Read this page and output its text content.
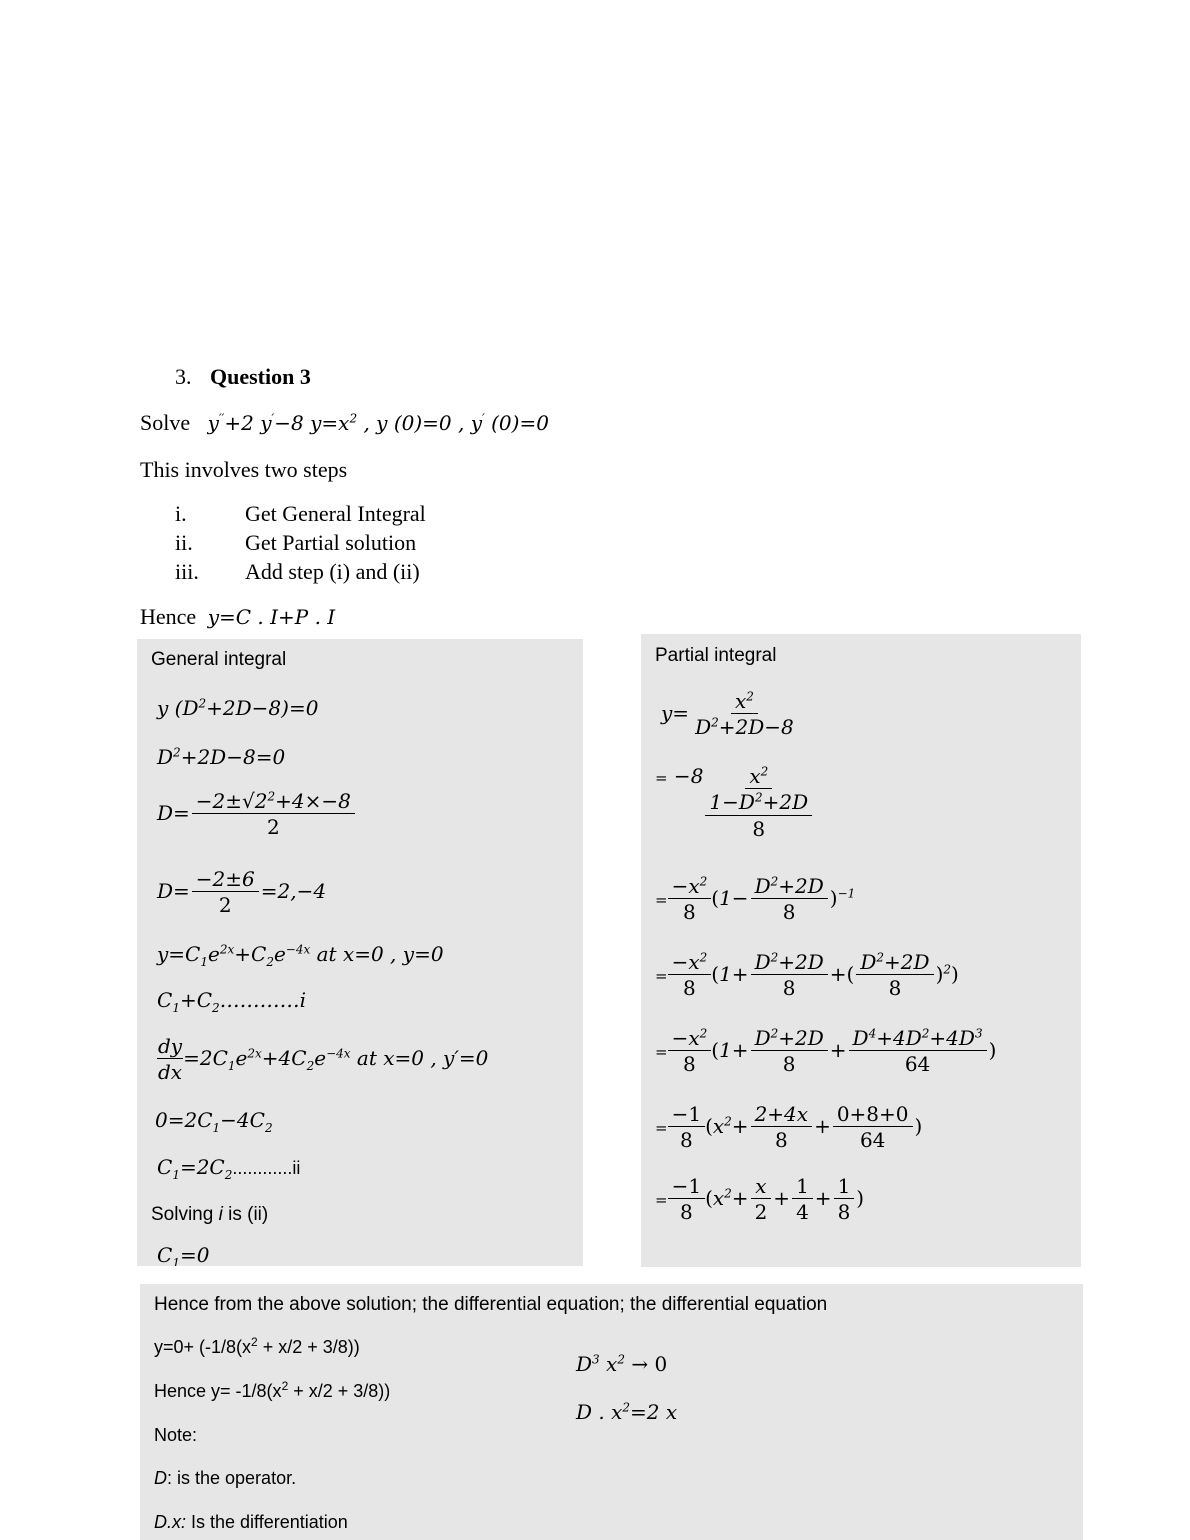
3. Question 3
Solve y′′+2 y′−8 $y=x^2$ , y (0)=0 , y′ (0)=0
This involves two steps
i.	Get General Integral
ii. Get Partial solution
iii. Add step (i) and (ii)
Hence y=C . I+P . I
General integral
y $(D^2+2D-8)=0$
$D^2+2D-8=0$
$D= \frac{-2\pm√2^2+4\times-8}{2}$
$D= \frac{-2\pm 6}{2} =2,-4$
$y=C_1e^{2x}+C_2e^{-4x}$ at x=0 , y=0
$C_1+C_2\dots\dots\dots\dots i$
$\frac{dy}{dx} =2C_1e^{2x}+4C_2e^{-4x}$ at x=0 , y′=0
$0=2C_1-4C_2$
$C_1=2C_2............ii$
Solving i is (ii)
$C_1=0$
Partial integral
$y= \frac{x^2}{D^2+2D-8}$
= −8 $x^2$
$1-D^2+2D$
8
= $\frac{-x^2}{8} (1- \frac{D^2+2D}{8} )^{-1}$
= $\frac{-x^2}{8} (1+ \frac{D^2+2D}{8}$ +( $\frac{D^2+2D}{8} )^2$)
= $\frac{-x^2}{8} (1+ \frac{D^2+2D}{8} + \frac{D^4+4D^2+4D^3}{64}$ )
= $\frac{-1}{8} (x^2+ \frac{2+4x}{8} + \frac{0+8+0}{64}$ )
= $\frac{-1}{8} (x^2+ \frac{x}{2} + \frac{1}{4} + \frac{1}{8}$ )
Hence from the above solution; the differential equation; the differential equation
$y=0+ (-1/8(x^2 + x/2 + 3/8))$
Hence $y= -1/8(x^2 + x/2 + 3/8)$)
Note:
D: is the operator.
D.x: Is the differentiation
$D^3$ $x^2 \to 0$
D . $x^2=2$ x
